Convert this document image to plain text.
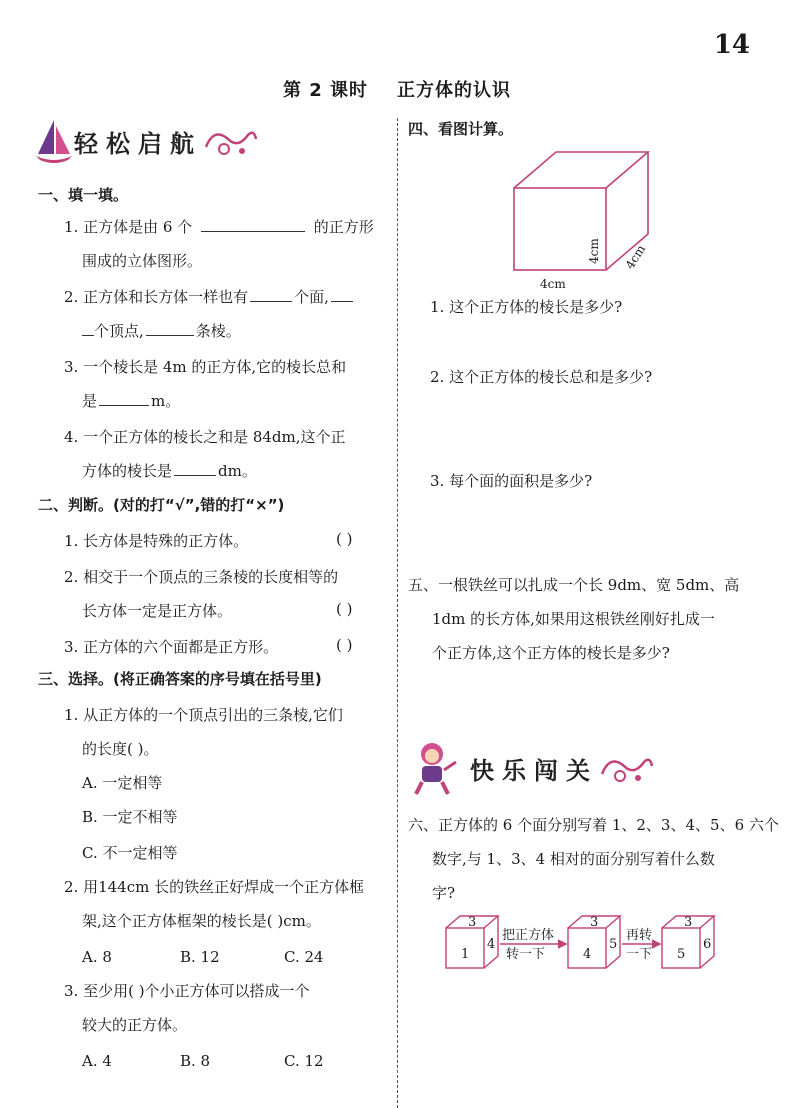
14
第 2 课时    正方体的认识
轻松启航
一、填一填。
1. 正方体是由 6 个	的正方形
围成的立体图形。
2. 正方体和长方体一样也有	个面,
个顶点,	条棱。
3. 一个棱长是 4m 的正方体,它的棱长总和
是	m。
4. 一个正方体的棱长之和是 84dm,这个正
方体的棱长是	dm。
二、判断。(对的打“√”,错的打“×”)
1. 长方体是特殊的正方体。	( )
2. 相交于一个顶点的三条棱的长度相等的
长方体一定是正方体。	( )
3. 正方体的六个面都是正方形。	( )
三、选择。(将正确答案的序号填在括号里)
1. 从正方体的一个顶点引出的三条棱,它们
的长度( )。
A. 一定相等
B. 一定不相等
C. 不一定相等
2. 用144cm 长的铁丝正好焊成一个正方体框
架,这个正方体框架的棱长是( )cm。
A. 8	B. 12	C. 24
3. 至少用( )个小正方体可以搭成一个
较大的正方体。
A. 4	B. 8	C. 12
四、看图计算。
4cm
4cm 4cm
1. 这个正方体的棱长是多少?
2. 这个正方体的棱长总和是多少?
3. 每个面的面积是多少?
五、一根铁丝可以扎成一个长 9dm、宽 5dm、高
1dm 的长方体,如果用这根铁丝刚好扎成一
个正方体,这个正方体的棱长是多少?
快乐闯关
六、正方体的 6 个面分别写着 1、2、3、4、5、6 六个
数字,与 1、3、4 相对的面分别写着什么数
字?
3
1
4
3
4
5
3
5
6
把正方体
转一下
再转
一下
